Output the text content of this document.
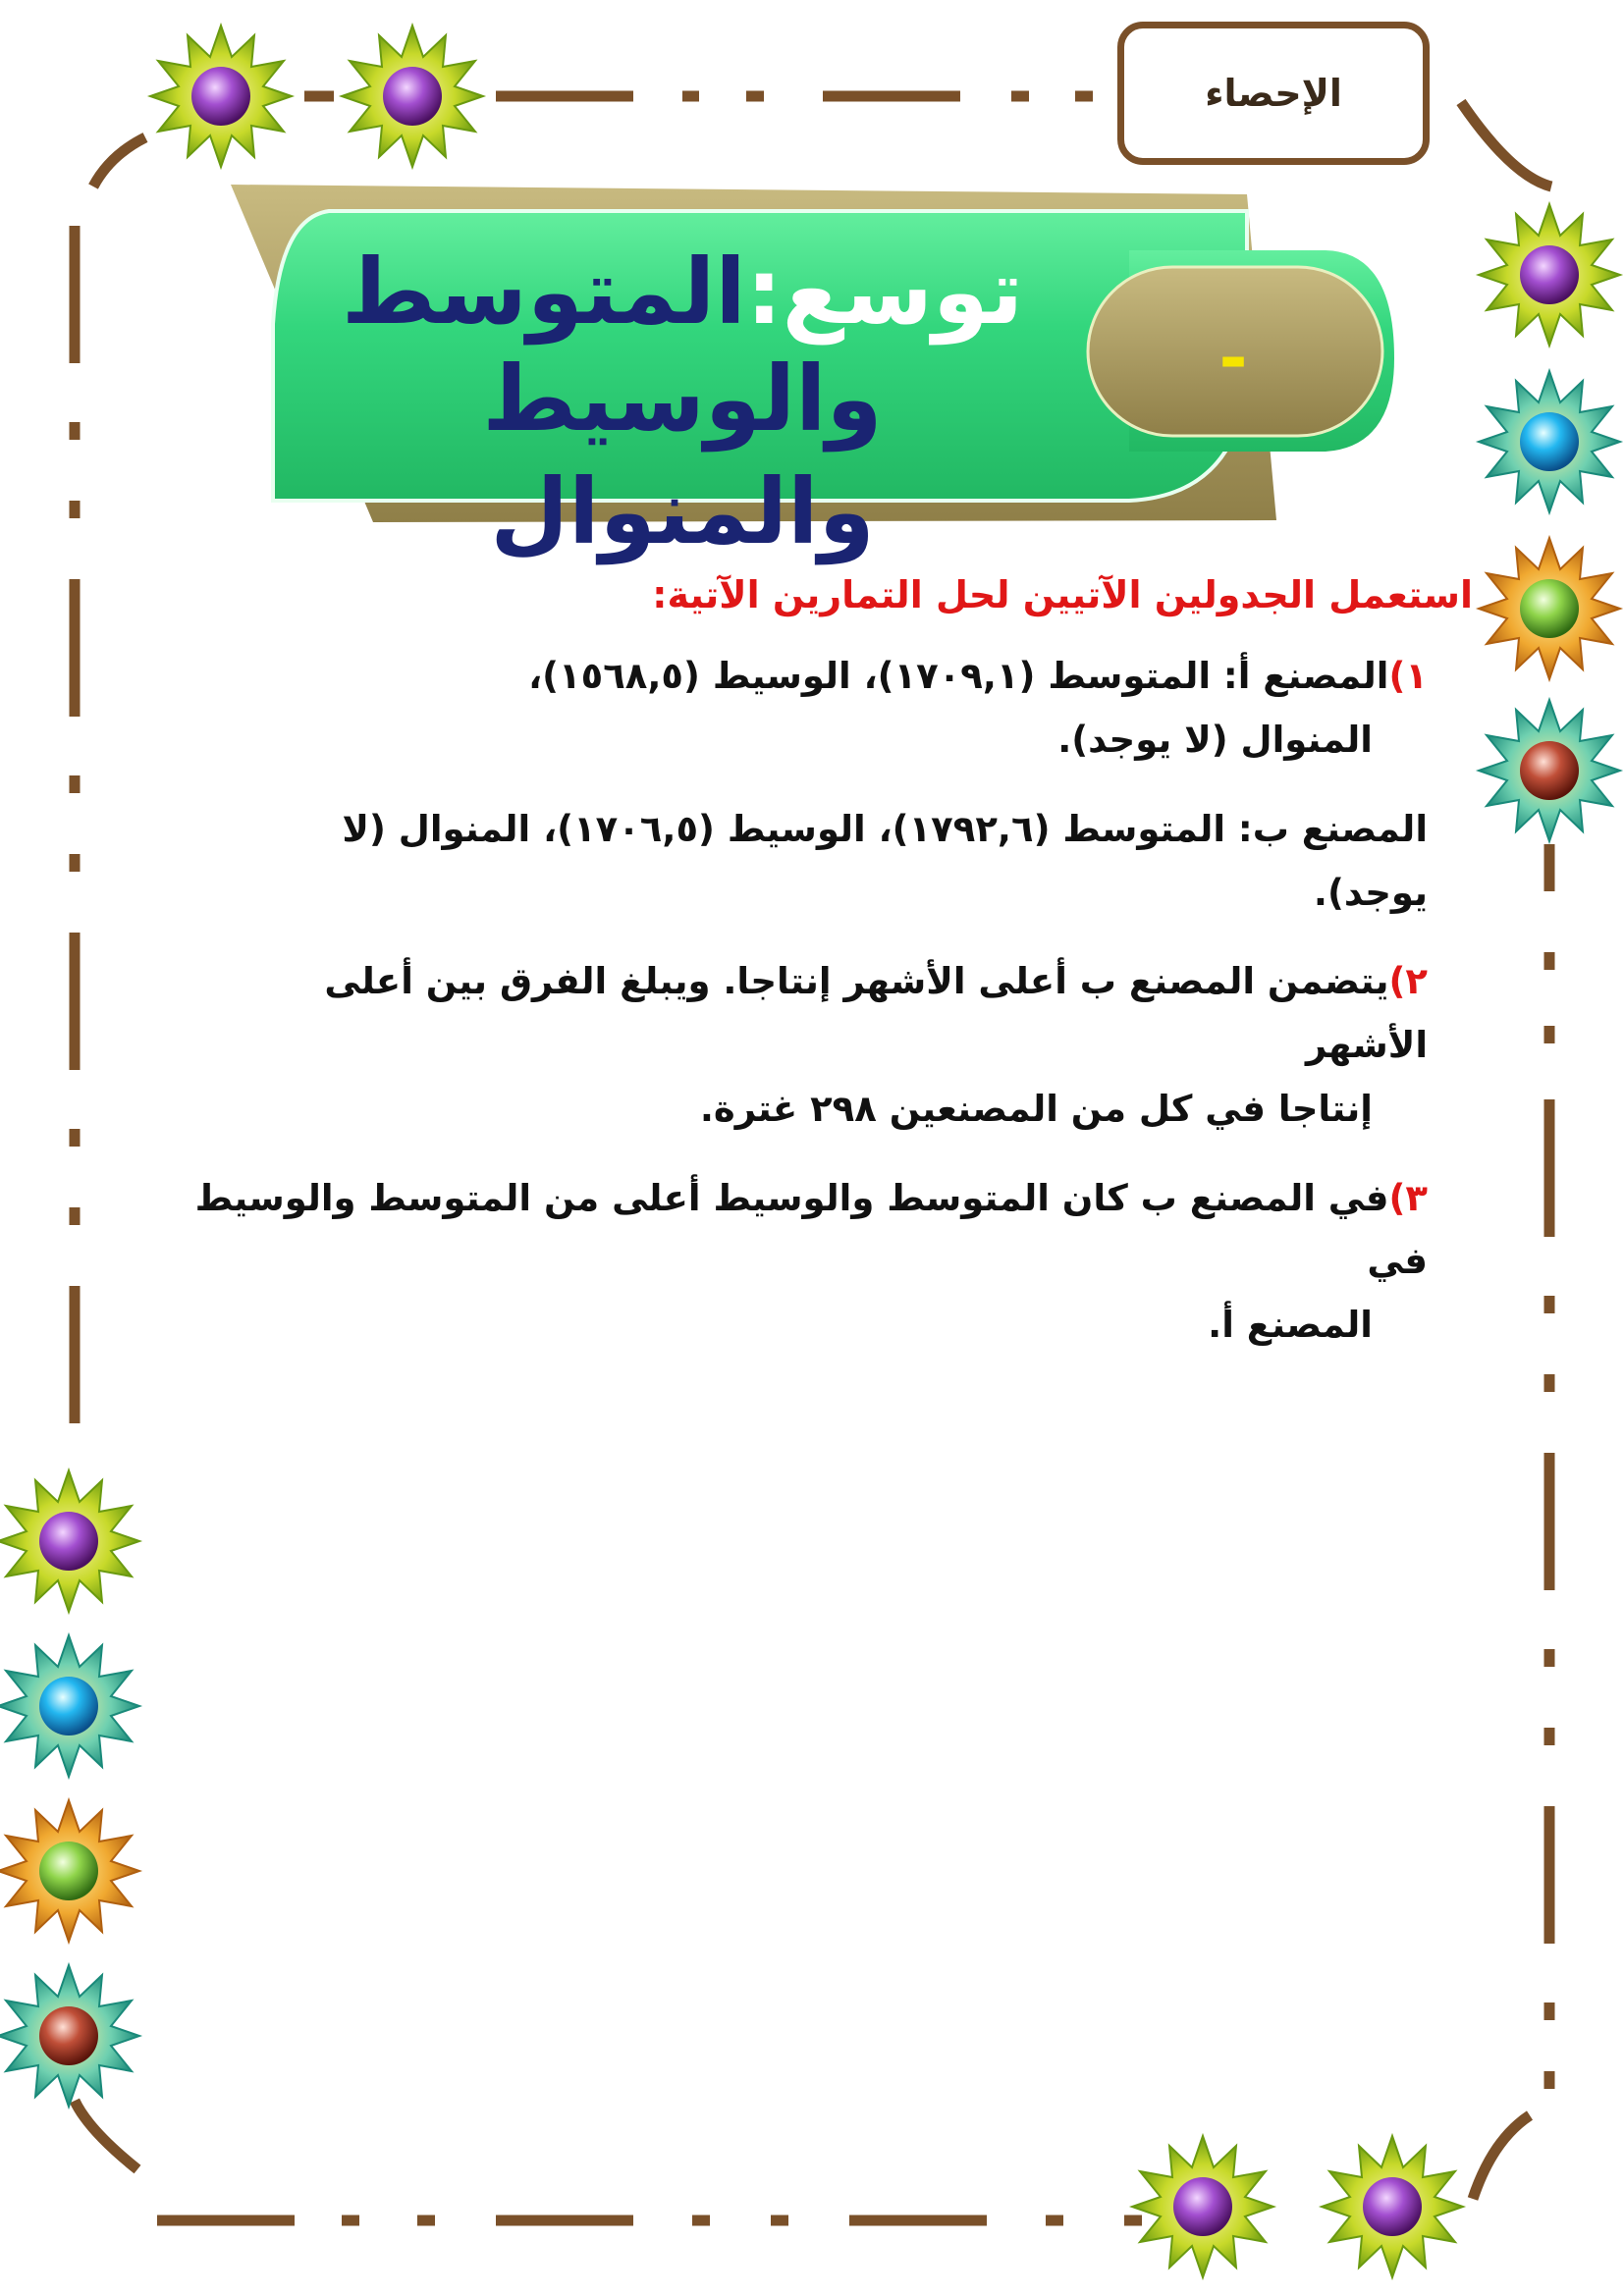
الإحصاء
-
توسع:المتوسط
والوسيط والمنوال

استعمل الجدولين الآتيين لحل التمارين الآتية:

١)المصنع أ: المتوسط (١٧٠٩,١)، الوسيط (١٥٦٨,٥)،
المنوال (لا يوجد).

المصنع ب: المتوسط (١٧٩٢,٦)، الوسيط (١٧٠٦,٥)، المنوال (لا
يوجد).

٢)يتضمن المصنع ب أعلى الأشهر إنتاجا. ويبلغ الفرق بين أعلى الأشهر
إنتاجا في كل من المصنعين ٢٩٨ غترة.

٣)في المصنع ب كان المتوسط والوسيط أعلى من المتوسط والوسيط في
المصنع أ.
